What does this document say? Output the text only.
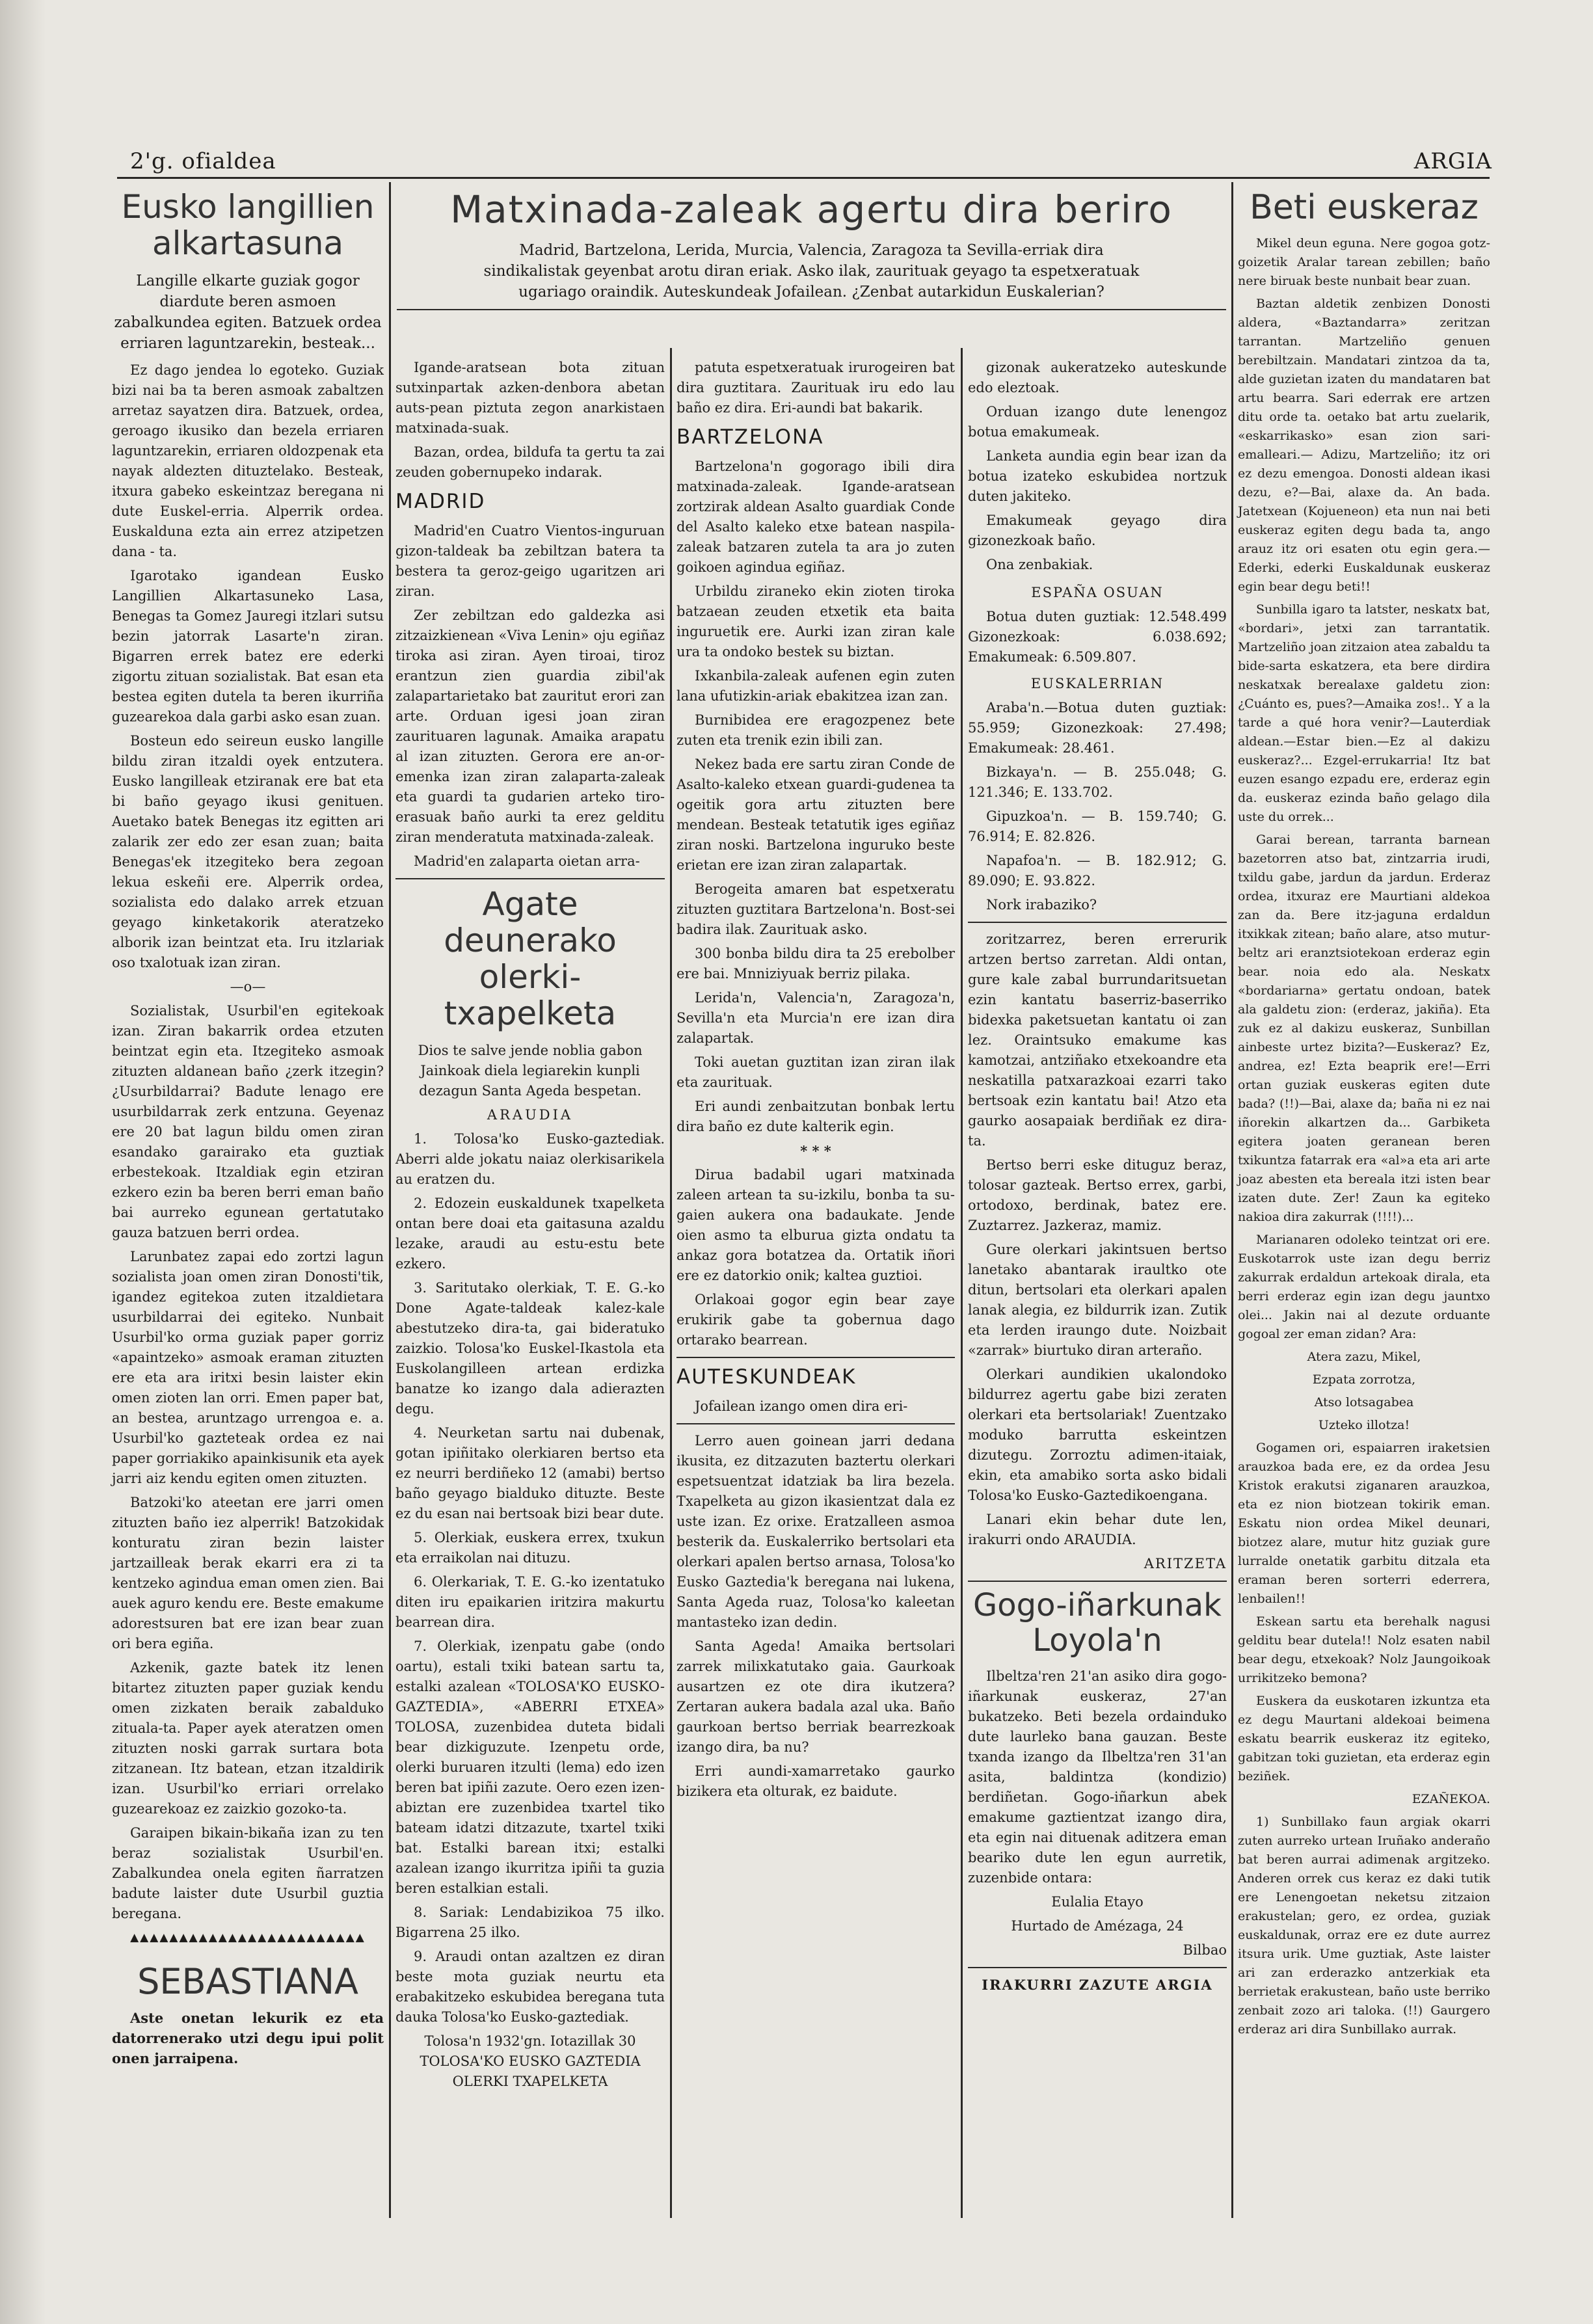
2'g. ofialdea	ARGIA
Eusko langillien alkartasuna
Langille elkarte guziak gogor diardute beren asmoen zabalkundea egiten. Batzuek ordea erriaren laguntzarekin, besteak...

Ez dago jendea lo egoteko. Guziak bizi nai ba ta beren asmoak zabaltzen arretaz sayatzen dira. Batzuek, ordea, geroago ikusiko dan bezela erriaren laguntzarekin, erriaren oldozpenak eta nayak aldezten dituztelako. Besteak, itxura gabeko eskeintzaz beregana ni dute Euskel-erria. Alperrik ordea. Euskalduna ezta ain errez atzipetzen dana - ta.

Igarotako igandean Eusko Langillien Alkartasuneko Lasa, Benegas ta Gomez Jauregi itzlari sutsu bezin jatorrak Lasarte'n ziran. Bigarren errek batez ere ederki zigortu zituan sozialistak. Bat esan eta bestea egiten dutela ta beren ikurriña guzearekoa dala garbi asko esan zuan.

Bosteun edo seireun eusko langille bildu ziran itzaldi oyek entzutera. Eusko langilleak etziranak ere bat eta bi baño geyago ikusi genituen. Auetako batek Benegas itz egitten ari zalarik zer edo zer esan zuan; baita Benegas'ek itzegiteko bera zegoan lekua eskeñi ere. Alperrik ordea, sozialista edo dalako arrek etzuan geyago kinketakorik ateratzeko alborik izan beintzat eta. Iru itzlariak oso txalotuak izan ziran.

—o—

Sozialistak, Usurbil'en egitekoak izan. Ziran bakarrik ordea etzuten beintzat egin eta. Itzegiteko asmoak zituzten aldanean baño ¿zerk itzegin? ¿Usurbildarrai? Badute lenago ere usurbildarrak zerk entzuna. Geyenaz ere 20 bat lagun bildu omen ziran esandako garairako eta guztiak erbestekoak. Itzaldiak egin etziran ezkero ezin ba beren berri eman baño bai aurreko egunean gertatutako gauza batzuen berri ordea.

Larunbatez zapai edo zortzi lagun sozialista joan omen ziran Donosti'tik, igandez egitekoa zuten itzaldietara usurbildarrai dei egiteko. Nunbait Usurbil'ko orma guziak paper gorriz «apaintzeko» asmoak eraman zituzten ere eta ara iritxi besin laister ekin omen zioten lan orri. Emen paper bat, an bestea, aruntzago urrengoa e. a. Usurbil'ko gazteteak ordea ez nai paper gorriakiko apainkisunik eta ayek jarri aiz kendu egiten omen zituzten.

Batzoki'ko ateetan ere jarri omen zituzten baño iez alperrik! Batzokidak konturatu ziran bezin laister jartzailleak berak ekarri era zi ta kentzeko agindua eman omen zien. Bai auek aguro kendu ere. Beste emakume adorestsuren bat ere izan bear zuan ori bera egiña.

Azkenik, gazte batek itz lenen bitartez zituzten paper guziak kendu omen zizkaten beraik zabalduko zituala-ta. Paper ayek ateratzen omen zituzten noski garrak surtara bota zitzanean. Itz batean, etzan itzaldirik izan. Usurbil'ko erriari orrelako guzearekoaz ez zaizkio gozoko-ta.

Garaipen bikain-bikaña izan zu ten beraz sozialistak Usurbil'en. Zabalkundea onela egiten ñarratzen badute laister dute Usurbil guztia beregana.

▲▲▲▲▲▲▲▲▲▲▲▲▲▲▲▲▲▲▲▲▲▲▲▲
SEBASTIANA

Aste onetan lekurik ez eta datorrenerako utzi degu ipui polit onen jarraipena.

Matxinada-zaleak agertu dira beriro
Madrid, Bartzelona, Lerida, Murcia, Valencia, Zaragoza ta Sevilla-erriak dira sindikalistak geyenbat arotu diran eriak. Asko ilak, zaurituak geyago ta espetxeratuak ugariago oraindik. Auteskundeak Jofailean. ¿Zenbat autarkidun Euskalerian?

Igande-aratsean bota zituan sutxinpartak azken-denbora abetan auts-pean piztuta zegon anarkistaen matxinada-suak.

Bazan, ordea, bildufa ta gertu ta zai zeuden gobernupeko indarak.

MADRID

Madrid'en Cuatro Vientos-inguruan gizon-taldeak ba zebiltzan batera ta bestera ta geroz-geigo ugaritzen ari ziran.

Zer zebiltzan edo galdezka asi zitzaizkienean «Viva Lenin» oju egiñaz tiroka asi ziran. Ayen tiroai, tiroz erantzun zien guardia zibil'ak zalapartarietako bat zauritut erori zan arte. Orduan igesi joan ziran zaurituaren lagunak. Amaika arapatu al izan zituzten. Gerora ere an-or-emenka izan ziran zalaparta-zaleak eta guardi ta gudarien arteko tiro-erasuak baño aurki ta erez gelditu ziran menderatuta matxinada-zaleak.

Madrid'en zalaparta oietan arra-

Agate deunerako olerki-txapelketa

Dios te salve jende noblia gabon Jainkoak diela legiarekin kunpli dezagun Santa Ageda bespetan.

ARAUDIA

1. Tolosa'ko Eusko-gaztediak. Aberri alde jokatu naiaz olerkisarikela au eratzen du.

2. Edozein euskaldunek txapelketa ontan bere doai eta gaitasuna azaldu lezake, araudi au estu-estu bete ezkero.

3. Saritutako olerkiak, T. E. G.-ko Done Agate-taldeak kalez-kale abestutzeko dira-ta, gai bideratuko zaizkio. Tolosa'ko Euskel-Ikastola eta Euskolangilleen artean erdizka banatze ko izango dala adierazten degu.

4. Neurketan sartu nai dubenak, gotan ipiñitako olerkiaren bertso eta ez neurri berdiñeko 12 (amabi) bertso baño geyago bialduko dituzte. Beste ez du esan nai bertsoak bizi bear dute.

5. Olerkiak, euskera errex, txukun eta erraikolan nai dituzu.

6. Olerkariak, T. E. G.-ko izentatuko diten iru epaikarien iritzira makurtu bearrean dira.

7. Olerkiak, izenpatu gabe (ondo oartu), estali txiki batean sartu ta, estalki azalean «TOLOSA'KO EUSKO-GAZTEDIA», «ABERRI ETXEA» TOLOSA, zuzenbidea duteta bidali bear dizkiguzute. Izenpetu orde, olerki buruaren itzulti (lema) edo izen beren bat ipiñi zazute. Oero ezen izen-abiztan ere zuzenbidea txartel tiko bateam idatzi ditzazute, txartel txiki bat. Estalki barean itxi; estalki azalean izango ikurritza ipiñi ta guzia beren estalkian estali.

8. Sariak: Lendabizikoa 75 ilko. Bigarrena 25 ilko.

9. Araudi ontan azaltzen ez diran beste mota guziak neurtu eta erabakitzeko eskubidea beregana tuta dauka Tolosa'ko Eusko-gaztediak.

Tolosa'n 1932'gn. Iotazillak 30 TOLOSA'KO EUSKO GAZTEDIA OLERKI TXAPELKETA

patuta espetxeratuak irurogeiren bat dira guztitara. Zaurituak iru edo lau baño ez dira. Eri-aundi bat bakarik.

BARTZELONA

Bartzelona'n gogorago ibili dira matxinada-zaleak. Igande-aratsean zortzirak aldean Asalto guardiak Conde del Asalto kaleko etxe batean naspila-zaleak batzaren zutela ta ara jo zuten goikoen agindua egiñaz.

Urbildu ziraneko ekin zioten tiroka batzaean zeuden etxetik eta baita inguruetik ere. Aurki izan ziran kale ura ta ondoko bestek su biztan.

Ixkanbila-zaleak aufenen egin zuten lana ufutizkin-ariak ebakitzea izan zan.

Burnibidea ere eragozpenez bete zuten eta trenik ezin ibili zan.

Nekez bada ere sartu ziran Conde de Asalto-kaleko etxean guardi-gudenea ta ogeitik gora artu zituzten bere mendean. Besteak tetatutik iges egiñaz ziran noski. Bartzelona inguruko beste erietan ere izan ziran zalapartak.

Berogeita amaren bat espetxeratu zituzten guztitara Bartzelona'n. Bost-sei badira ilak. Zaurituak asko.

300 bonba bildu dira ta 25 erebolber ere bai. Mnniziyuak berriz pilaka.

Lerida'n, Valencia'n, Zaragoza'n, Sevilla'n eta Murcia'n ere izan dira zalapartak.

Toki auetan guztitan izan ziran ilak eta zaurituak.

Eri aundi zenbaitzutan bonbak lertu dira baño ez dute kalterik egin.

* * *

Dirua badabil ugari matxinada zaleen artean ta su-izkilu, bonba ta su-gaien aukera ona badaukate. Jende oien asmo ta elburua gizta ondatu ta ankaz gora botatzea da. Ortatik iñori ere ez datorkio onik; kaltea guztioi.

Orlakoai gogor egin bear zaye erukirik gabe ta gobernua dago ortarako bearrean.

AUTESKUNDEAK

Jofailean izango omen dira eri-

Lerro auen goinean jarri dedana ikusita, ez ditzazuten baztertu olerkari espetsuentzat idatziak ba lira bezela. Txapelketa au gizon ikasientzat dala ez uste izan. Ez orixe. Eratzalleen asmoa besterik da. Euskalerriko bertsolari eta olerkari apalen bertso arnasa, Tolosa'ko Eusko Gaztedia'k beregana nai lukena, Santa Ageda ruaz, Tolosa'ko kaleetan mantasteko izan dedin.

Santa Ageda! Amaika bertsolari zarrek milixkatutako gaia. Gaurkoak ausartzen ez ote dira ikutzera? Zertaran aukera badala azal uka. Baño gaurkoan bertso berriak bearrezkoak izango dira, ba nu?

Erri aundi-xamarretako gaurko bizikera eta olturak, ez baidute.

gizonak aukeratzeko auteskunde edo eleztoak.

Orduan izango dute lenengoz botua emakumeak.

Lanketa aundia egin bear izan da botua izateko eskubidea nortzuk duten jakiteko.

Emakumeak geyago dira gizonezkoak baño.

Ona zenbakiak.

ESPAÑA OSUAN

Botua duten guztiak: 12.548.499 Gizonezkoak: 6.038.692; Emakumeak: 6.509.807.

EUSKALERRIAN

Araba'n.—Botua duten guztiak: 55.959; Gizonezkoak: 27.498; Emakumeak: 28.461.

Bizkaya'n. — B. 255.048; G. 121.346; E. 133.702.

Gipuzkoa'n. — B. 159.740; G. 76.914; E. 82.826.

Napafoa'n. — B. 182.912; G. 89.090; E. 93.822.

Nork irabaziko?

zoritzarrez, beren errerurik artzen bertso zarretan. Aldi ontan, gure kale zabal burrundaritsuetan ezin kantatu baserriz-baserriko bidexka paketsuetan kantatu oi zan lez. Oraintsuko emakume kas kamotzai, antziñako etxekoandre eta neskatilla patxarazkoai ezarri tako bertsoak ezin kantatu bai! Atzo eta gaurko aosapaiak berdiñak ez dira-ta.

Bertso berri eske dituguz beraz, tolosar gazteak. Bertso errex, garbi, ortodoxo, berdinak, batez ere. Zuztarrez. Jazkeraz, mamiz.

Gure olerkari jakintsuen bertso lanetako abantarak iraultko ote ditun, bertsolari eta olerkari apalen lanak alegia, ez bildurrik izan. Zutik eta lerden iraungo dute. Noizbait «zarrak» biurtuko diran arteraño.

Olerkari aundikien ukalondoko bildurrez agertu gabe bizi zeraten olerkari eta bertsolariak! Zuentzako moduko barrutta eskeintzen dizutegu. Zorroztu adimen-itaiak, ekin, eta amabiko sorta asko bidali Tolosa'ko Eusko-Gaztedikoengana.

Lanari ekin behar dute len, irakurri ondo ARAUDIA.

ARITZETA

Gogo-iñarkunak Loyola'n

Ilbeltza'ren 21'an asiko dira gogo-iñarkunak euskeraz, 27'an bukatzeko. Beti bezela ordainduko dute laurleko bana gauzan. Beste txanda izango da Ilbeltza'ren 31'an asita, baldintza (kondizio) berdiñetan. Gogo-iñarkun abek emakume gaztientzat izango dira, eta egin nai dituenak aditzera eman beariko dute len egun aurretik, zuzenbide ontara:

Eulalia Etayo

Hurtado de Amézaga, 24

Bilbao

IRAKURRI ZAZUTE ARGIA

Beti euskeraz

Mikel deun eguna. Nere gogoa gotz-goizetik Aralar tarean zebillen; baño nere biruak beste nunbait bear zuan.

Baztan aldetik zenbizen Donosti aldera, «Baztandarra» zeritzan tarrantan. Martzeliño genuen berebiltzain. Mandatari zintzoa da ta, alde guzietan izaten du mandataren bat artu bearra. Sari ederrak ere artzen ditu orde ta. oetako bat artu zuelarik, «eskarrikasko» esan zion sari-emalleari.— Adizu, Martzeliño; itz ori ez dezu emengoa. Donosti aldean ikasi dezu, e?—Bai, alaxe da. An bada. Jatetxean (Kojueneon) eta nun nai beti euskeraz egiten degu bada ta, ango arauz itz ori esaten otu egin gera.—Ederki, ederki Euskaldunak euskeraz egin bear degu beti!!

Sunbilla igaro ta latster, neskatx bat, «bordari», jetxi zan tarrantatik. Martzeliño joan zitzaion atea zabaldu ta bide-sarta eskatzera, eta bere dirdira neskatxak berealaxe galdetu zion: ¿Cuánto es, pues?—Amaika zos!.. Y a la tarde a qué hora venir?—Lauterdiak aldean.—Estar bien.—Ez al dakizu euskeraz?... Ezgel-errukarria! Itz bat euzen esango ezpadu ere, erderaz egin da. euskeraz ezinda baño gelago dila uste du orrek...

Garai berean, tarranta barnean bazetorren atso bat, zintzarria irudi, txildu gabe, jardun da jardun. Erderaz ordea, itxuraz ere Maurtiani aldekoa zan da. Bere itz-jaguna erdaldun itxikkak zitean; baño alare, atso mutur-beltz ari eranztsiotekoan erderaz egin bear. noia edo ala. Neskatx «bordariarna» gertatu ondoan, batek ala galdetu zion: (erderaz, jakiña). Eta zuk ez al dakizu euskeraz, Sunbillan ainbeste urtez bizita?—Euskeraz? Ez, andrea, ez! Ezta beaprik ere!—Erri ortan guziak euskeras egiten dute bada? (!!)—Bai, alaxe da; baña ni ez nai iñorekin alkartzen da... Garbiketa egitera joaten geranean beren txikuntza fatarrak era «al»a eta ari arte joaz abesten eta bereala itzi isten bear izaten dute. Zer! Zaun ka egiteko nakioa dira zakurrak (!!!!)...

Marianaren odoleko teintzat ori ere. Euskotarrok uste izan degu berriz zakurrak erdaldun artekoak dirala, eta berri erderaz egin izan degu jauntxo olei... Jakin nai al dezute orduante gogoal zer eman zidan? Ara:

Atera zazu, Mikel,

Ezpata zorrotza,

Atso lotsagabea

Uzteko illotza!

Gogamen ori, espaiarren iraketsien arauzkoa bada ere, ez da ordea Jesu Kristok erakutsi ziganaren arauzkoa, eta ez nion biotzean tokirik eman. Eskatu nion ordea Mikel deunari, biotzez alare, mutur hitz guziak gure lurralde onetatik garbitu ditzala eta eraman beren sorterri ederrera, lenbailen!!

Eskean sartu eta berehalk nagusi gelditu bear dutela!! Nolz esaten nabil bear degu, etxekoak? Nolz Jaungoikoak urrikitzeko bemona?

Euskera da euskotaren izkuntza eta ez degu Maurtani aldekoai beimena eskatu bearrik euskeraz itz egiteko, gabitzan toki guzietan, eta erderaz egin beziñek.

EZAÑEKOA.

1) Sunbillako faun argiak okarri zuten aurreko urtean Iruñako anderaño bat beren aurrai adimenak argitzeko. Anderen orrek cus keraz ez daki tutik ere Lenengoetan neketsu zitzaion erakustelan; gero, ez ordea, guziak euskaldunak, orraz ere ez dute aurrez itsura urik. Ume guztiak, Aste laister ari zan erderazko antzerkiak eta berrietak erakustean, baño uste berriko zenbait zozo ari taloka. (!!) Gaurgero erderaz ari dira Sunbillako aurrak.
